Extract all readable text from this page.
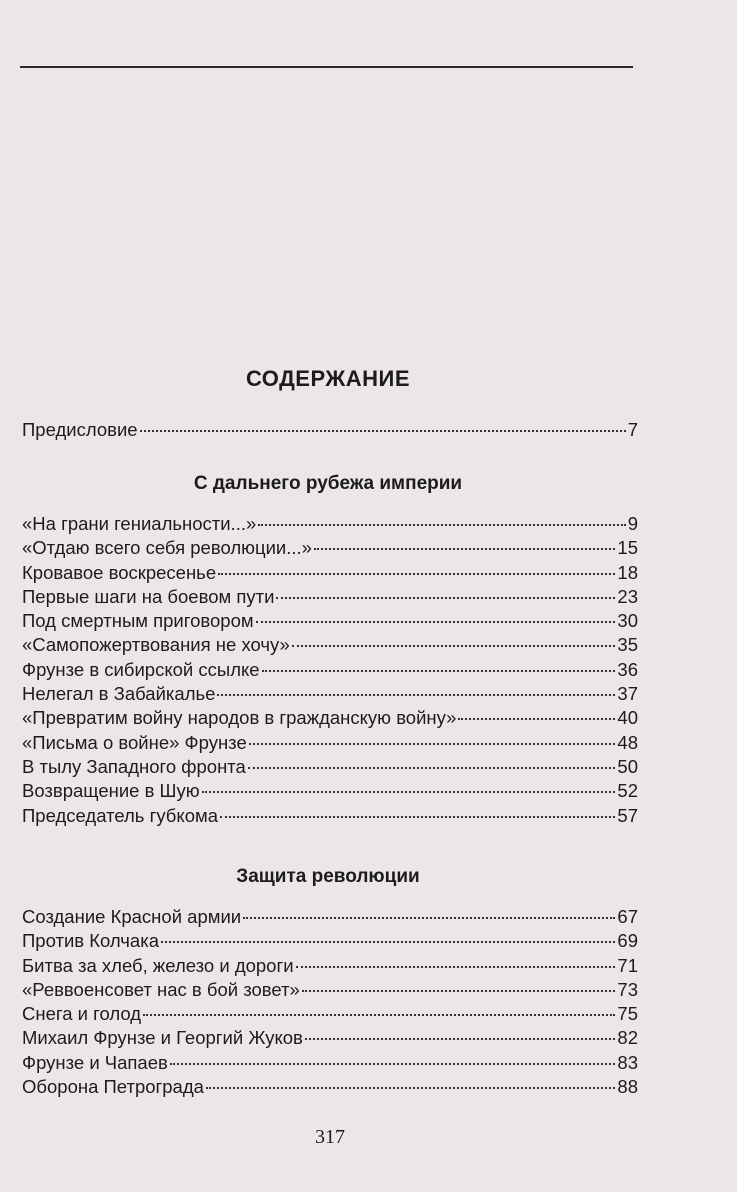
СОДЕРЖАНИЕ
Предисловие	7
С дальнего рубежа империи
«На грани гениальности...»	9
«Отдаю всего себя революции...»	15
Кровавое воскресенье	18
Первые шаги на боевом пути	23
Под смертным приговором	30
«Самопожертвования не хочу»	35
Фрунзе в сибирской ссылке	36
Нелегал в Забайкалье	37
«Превратим войну народов в гражданскую войну»	40
«Письма о войне» Фрунзе	48
В тылу Западного фронта	50
Возвращение в Шую	52
Председатель губкома	57
Защита революции
Создание Красной армии	67
Против Колчака	69
Битва за хлеб, железо и дороги	71
«Реввоенсовет нас в бой зовет»	73
Снега и голод	75
Михаил Фрунзе и Георгий Жуков	82
Фрунзе и Чапаев	83
Оборона Петрограда	88
317
